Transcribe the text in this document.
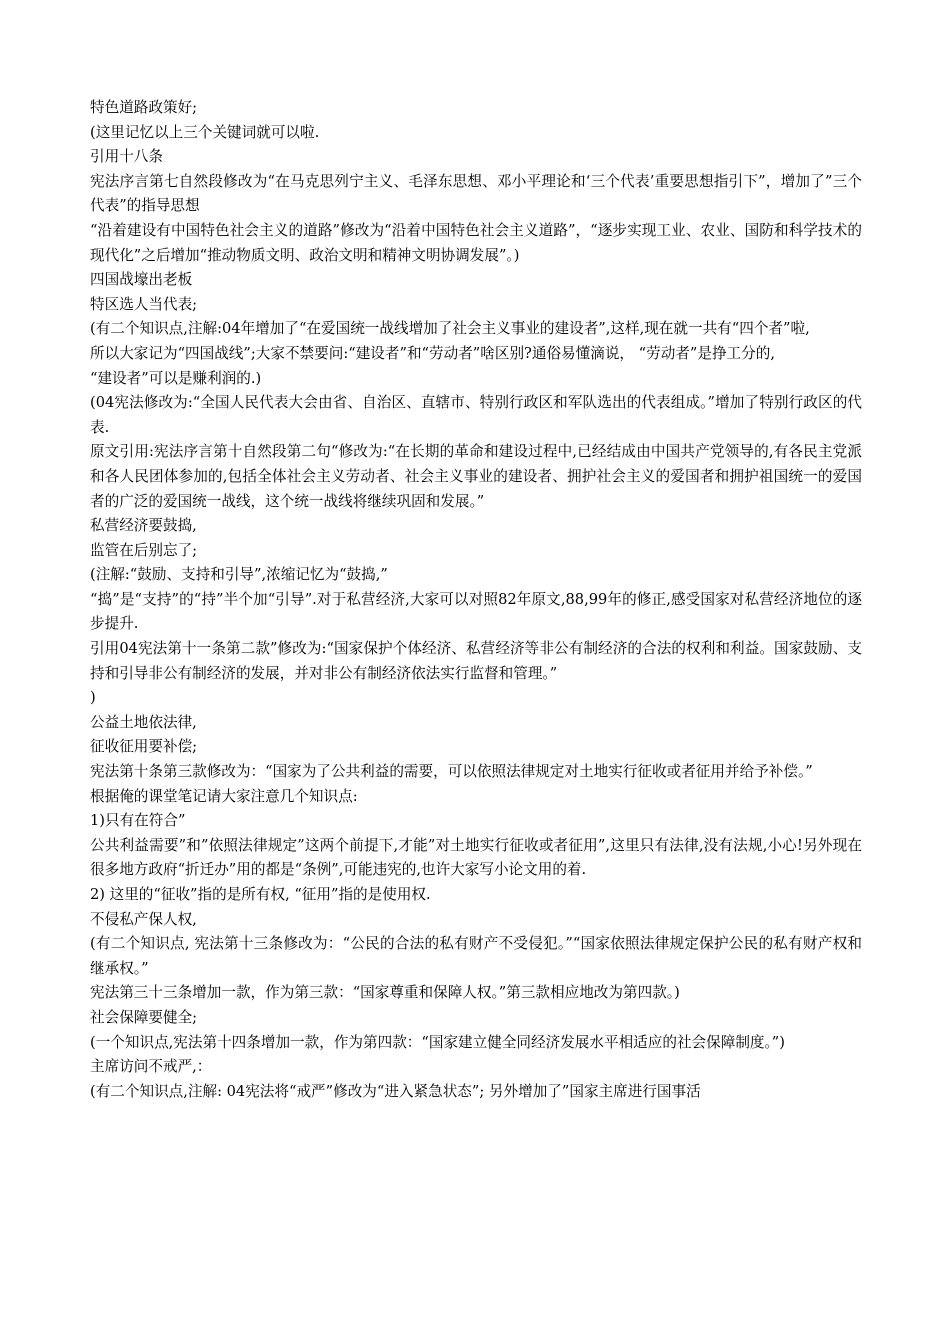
特色道路政策好;

(这里记忆以上三个关键词就可以啦.

引用十八条

宪法序言第七自然段修改为“在马克思列宁主义、毛泽东思想、邓小平理论和‘三个代表’重要思想指引下”，增加了”三个代表”的指导思想

“沿着建设有中国特色社会主义的道路”修改为“沿着中国特色社会主义道路”，“逐步实现工业、农业、国防和科学技术的现代化”之后增加“推动物质文明、政治文明和精神文明协调发展”。)

四国战壕出老板

特区选人当代表;

(有二个知识点,注解:04年增加了“在爱国统一战线增加了社会主义事业的建设者”,这样,现在就一共有“四个者”啦,

所以大家记为“四国战线”;大家不禁要问:“建设者”和“劳动者”啥区别?通俗易懂滴说， “劳动者”是挣工分的,

“建设者”可以是赚利润的.)

(04宪法修改为:“全国人民代表大会由省、自治区、直辖市、特别行政区和军队选出的代表组成。”增加了特别行政区的代表.

原文引用:宪法序言第十自然段第二句“修改为:“在长期的革命和建设过程中,已经结成由中国共产党领导的,有各民主党派和各人民团体参加的,包括全体社会主义劳动者、社会主义事业的建设者、拥护社会主义的爱国者和拥护祖国统一的爱国者的广泛的爱国统一战线，这个统一战线将继续巩固和发展。”

私营经济要鼓捣,

监管在后别忘了;

(注解:“鼓励、支持和引导”,浓缩记忆为“鼓捣,”

“捣”是“支持”的“持”半个加“引导”.对于私营经济,大家可以对照82年原文,88,99年的修正,感受国家对私营经济地位的逐步提升.

引用04宪法第十一条第二款”修改为:“国家保护个体经济、私营经济等非公有制经济的合法的权利和利益。国家鼓励、支持和引导非公有制经济的发展，并对非公有制经济依法实行监督和管理。”

)

公益土地依法律,

征收征用要补偿;

宪法第十条第三款修改为：“国家为了公共利益的需要，可以依照法律规定对土地实行征收或者征用并给予补偿。”

根据俺的课堂笔记请大家注意几个知识点:

1)只有在符合”

公共利益需要”和”依照法律规定”这两个前提下,才能”对土地实行征收或者征用”,这里只有法律,没有法规,小心!另外现在很多地方政府“折迁办”用的都是“条例”,可能违宪的,也许大家写小论文用的着.

2) 这里的“征收”指的是所有权, “征用”指的是使用权.

不侵私产保人权,

(有二个知识点, 宪法第十三条修改为：“公民的合法的私有财产不受侵犯。”“国家依照法律规定保护公民的私有财产权和继承权。”

宪法第三十三条增加一款，作为第三款：“国家尊重和保障人权。”第三款相应地改为第四款。)

社会保障要健全;

(一个知识点,宪法第十四条增加一款，作为第四款：“国家建立健全同经济发展水平相适应的社会保障制度。”)

主席访问不戒严,：

(有二个知识点,注解: 04宪法将“戒严”修改为“进入紧急状态”; 另外增加了”国家主席进行国事活
